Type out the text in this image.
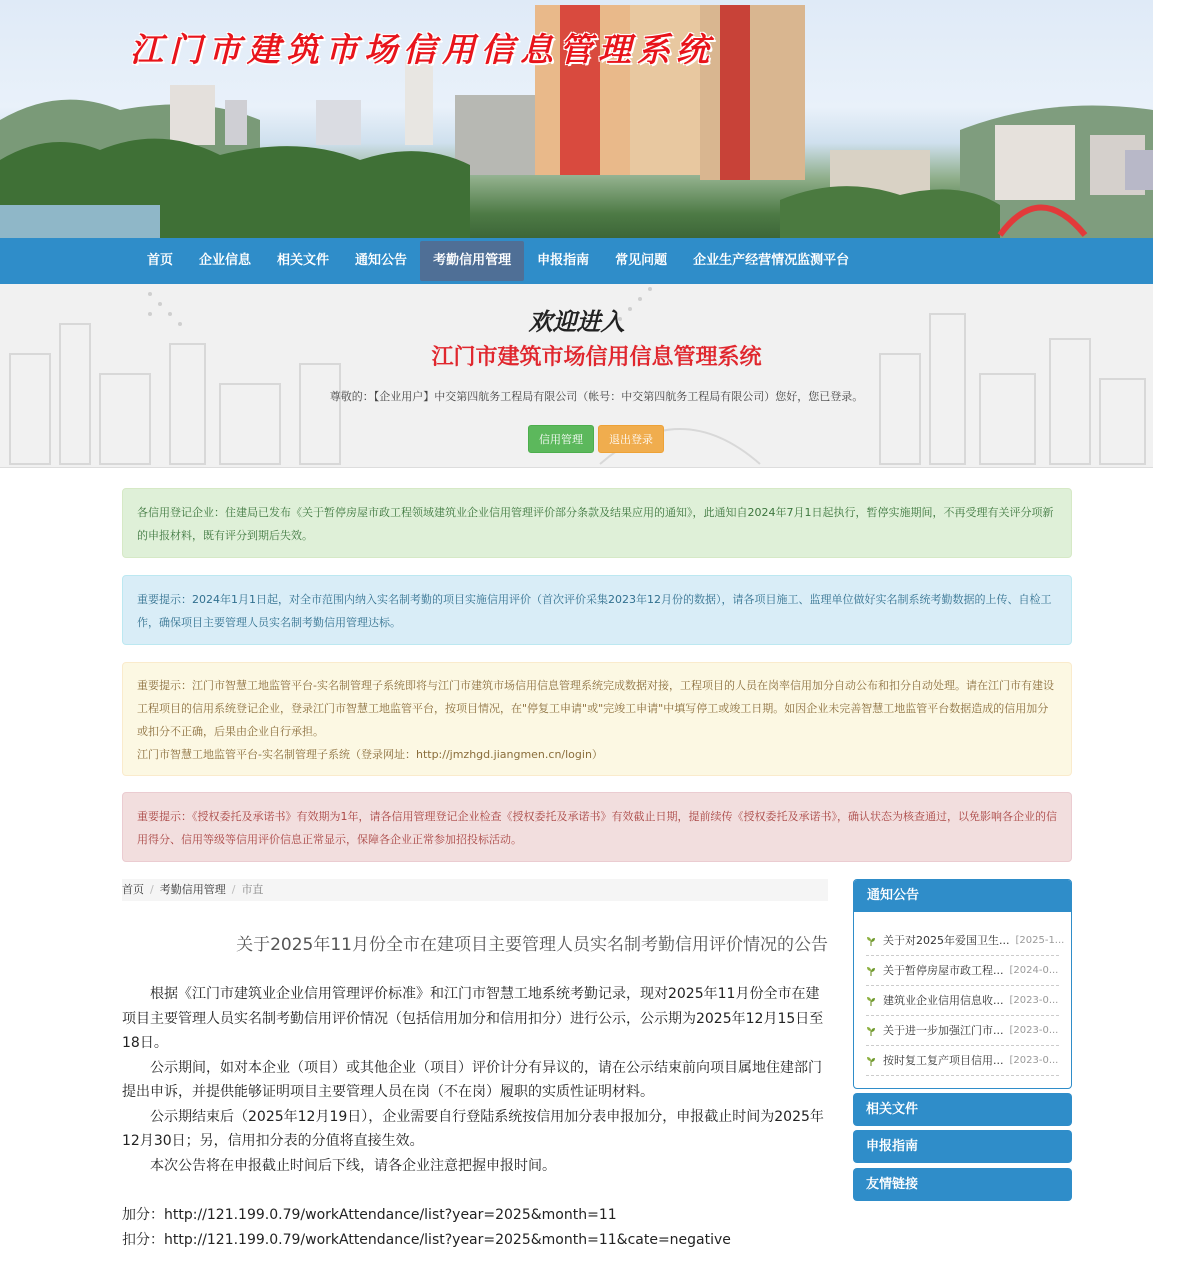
江门市建筑市场信用信息管理系统
首页	企业信息	相关文件	通知公告	考勤信用管理	申报指南	常见问题	企业生产经营情况监测平台
欢迎进入
江门市建筑市场信用信息管理系统
尊敬的：【企业用户】中交第四航务工程局有限公司（帐号：中交第四航务工程局有限公司）您好，您已登录。
信用管理	退出登录
各信用登记企业：住建局已发布《关于暂停房屋市政工程领域建筑业企业信用管理评价部分条款及结果应用的通知》，此通知自2024年7月1日起执行，暂停实施期间，不再受理有关评分项新的申报材料，既有评分到期后失效。
重要提示：2024年1月1日起，对全市范围内纳入实名制考勤的项目实施信用评价（首次评价采集2023年12月份的数据），请各项目施工、监理单位做好实名制系统考勤数据的上传、自检工作，确保项目主要管理人员实名制考勤信用管理达标。
重要提示：江门市智慧工地监管平台-实名制管理子系统即将与江门市建筑市场信用信息管理系统完成数据对接，工程项目的人员在岗率信用加分自动公布和扣分自动处理。请在江门市有建设工程项目的信用系统登记企业，登录江门市智慧工地监管平台，按项目情况，在"停复工申请"或"完竣工申请"中填写停工或竣工日期。如因企业未完善智慧工地监管平台数据造成的信用加分或扣分不正确，后果由企业自行承担。
江门市智慧工地监管平台-实名制管理子系统（登录网址：http://jmzhgd.jiangmen.cn/login）
重要提示：《授权委托及承诺书》有效期为1年，请各信用管理登记企业检查《授权委托及承诺书》有效截止日期，提前续传《授权委托及承诺书》，确认状态为核查通过，以免影响各企业的信用得分、信用等级等信用评价信息正常显示，保障各企业正常参加招投标活动。
首页 / 考勤信用管理 / 市直
关于2025年11月份全市在建项目主要管理人员实名制考勤信用评价情况的公告

根据《江门市建筑业企业信用管理评价标准》和江门市智慧工地系统考勤记录，现对2025年11月份全市在建项目主要管理人员实名制考勤信用评价情况（包括信用加分和信用扣分）进行公示，公示期为2025年12月15日至18日。

公示期间，如对本企业（项目）或其他企业（项目）评价计分有异议的，请在公示结束前向项目属地住建部门提出申诉，并提供能够证明项目主要管理人员在岗（不在岗）履职的实质性证明材料。

公示期结束后（2025年12月19日），企业需要自行登陆系统按信用加分表申报加分，申报截止时间为2025年12月30日；另，信用扣分表的分值将直接生效。

本次公告将在申报截止时间后下线，请各企业注意把握申报时间。

加分：http://121.199.0.79/workAttendance/list?year=2025&month=11
扣分：http://121.199.0.79/workAttendance/list?year=2025&month=11&cate=negative
通知公告
关于对2025年爱国卫生... [2025-1...
关于暂停房屋市政工程... [2024-0...
建筑业企业信用信息收... [2023-0...
关于进一步加强江门市... [2023-0...
按时复工复产项目信用... [2023-0...
相关文件
申报指南
友情链接
